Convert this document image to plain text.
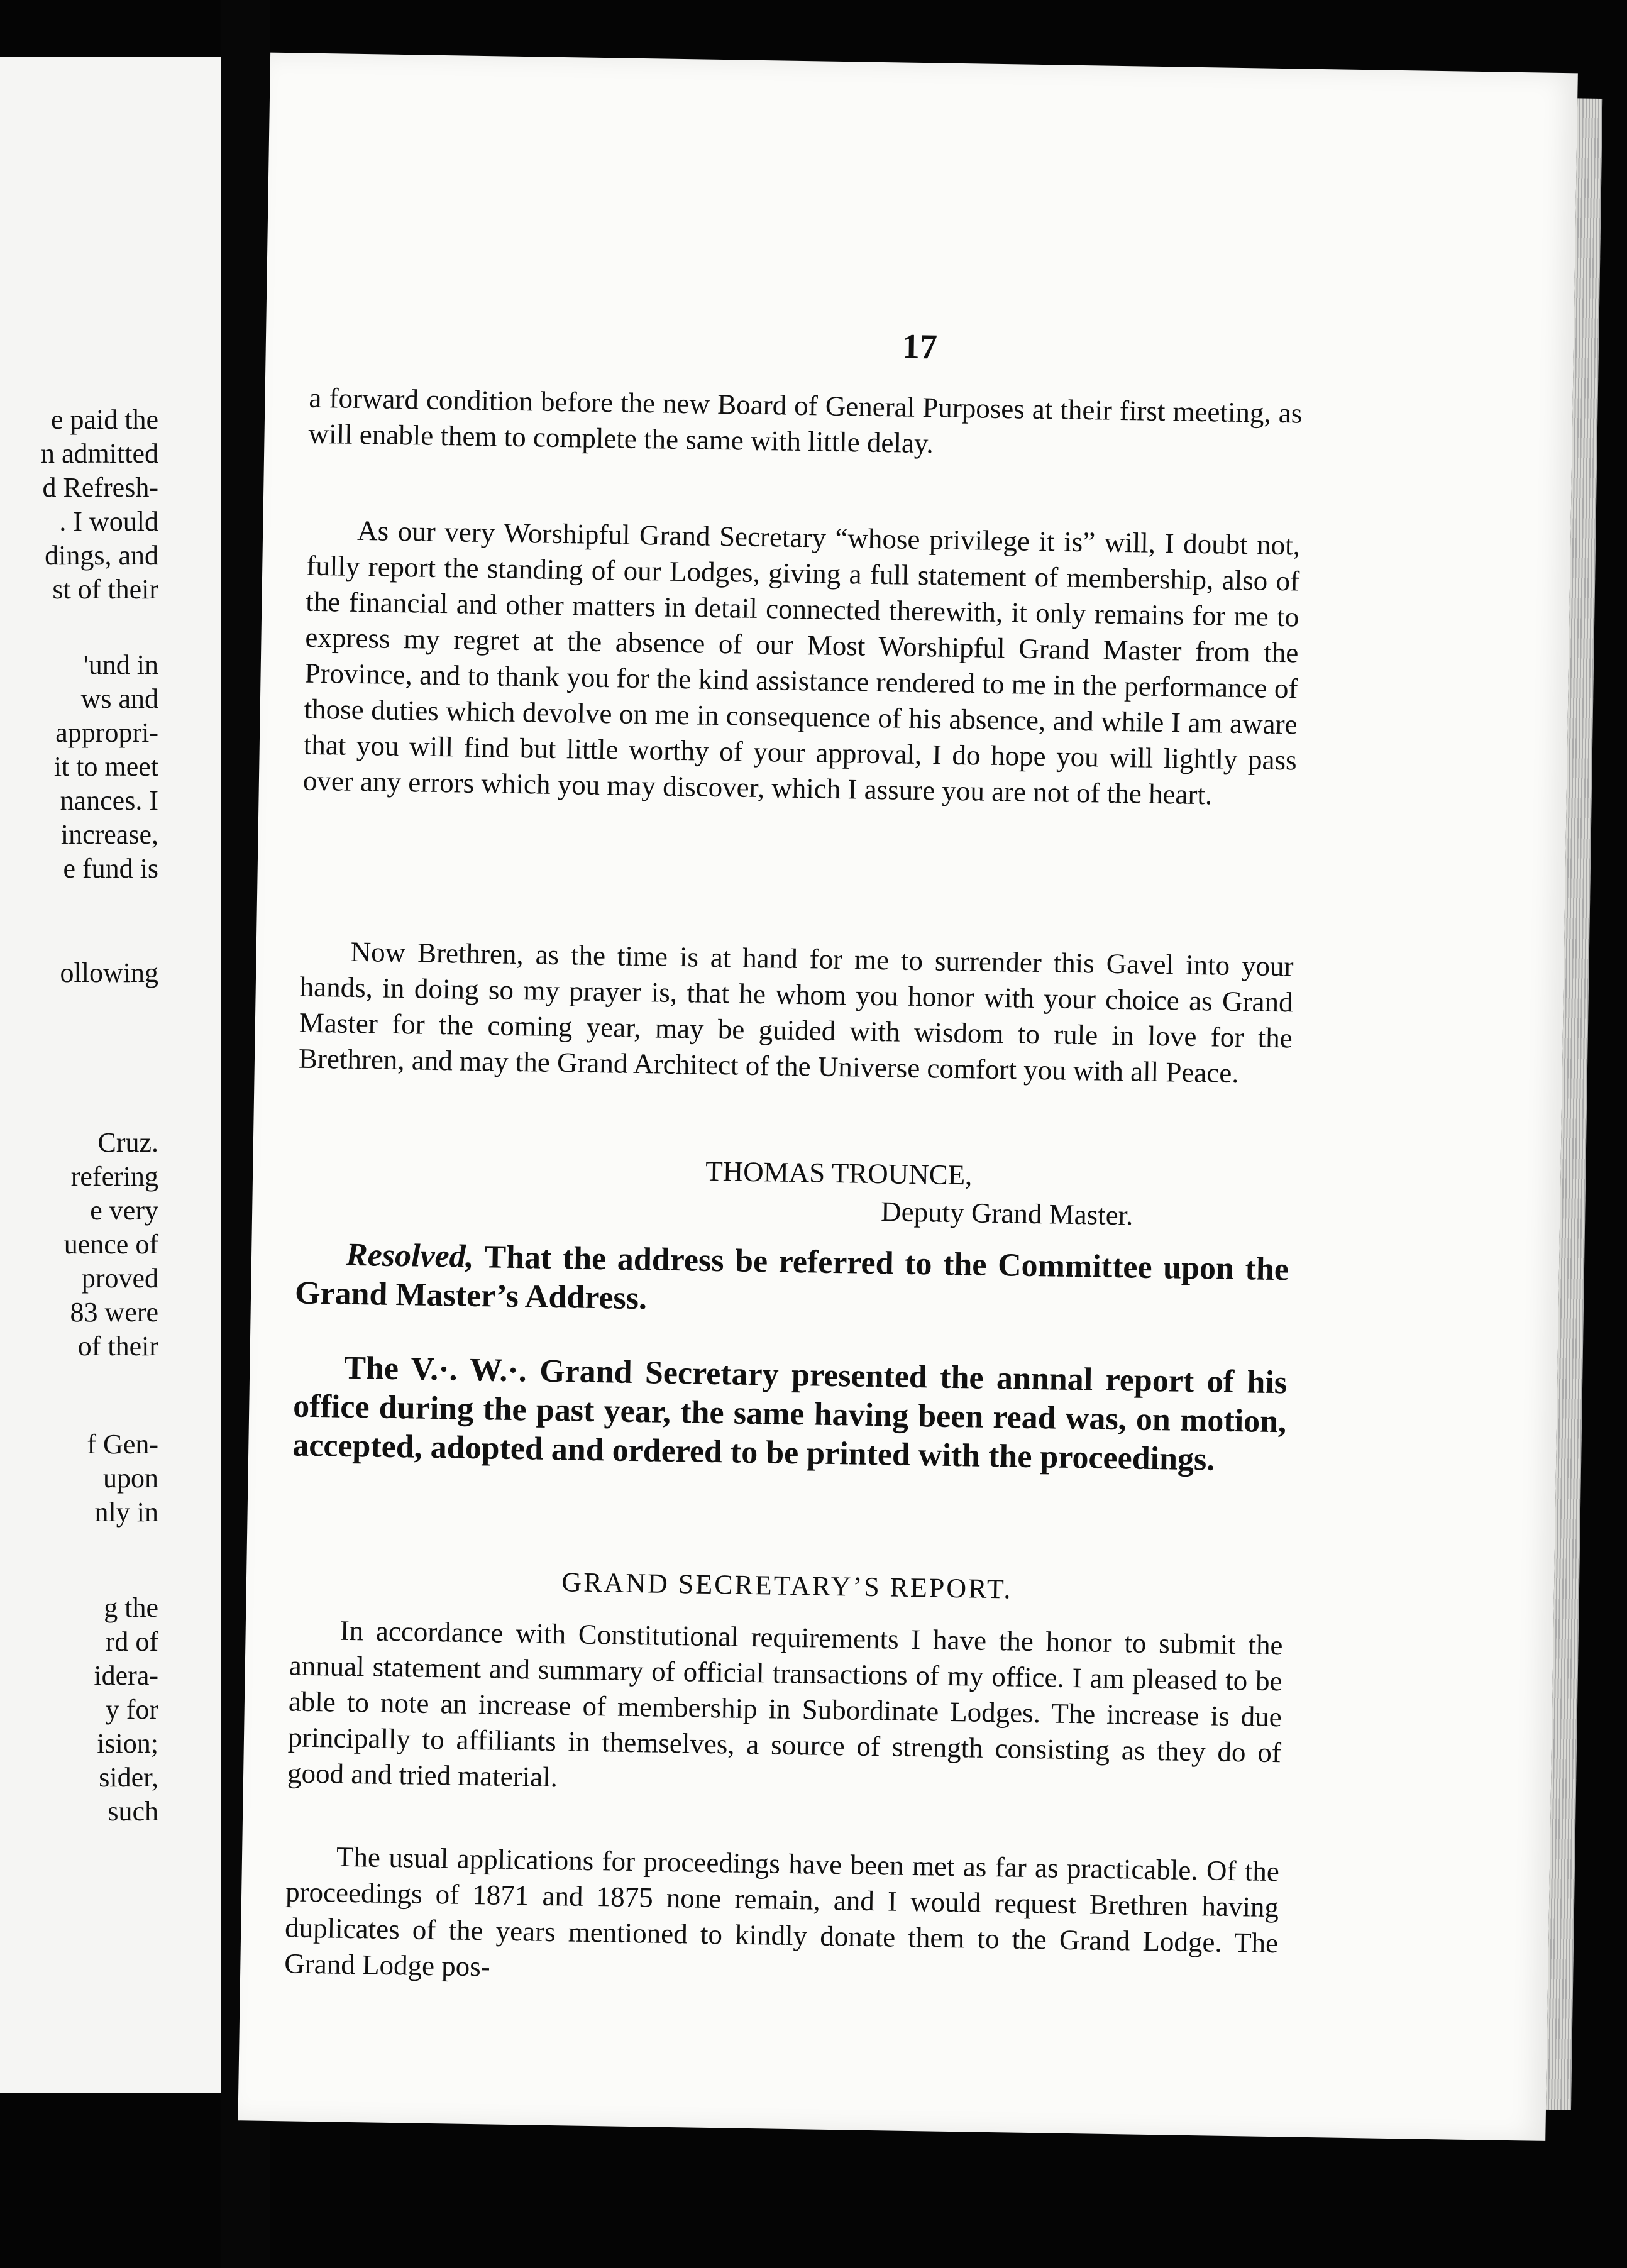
e paid the
n admitted
d Refresh-
. I would
dings, and
st of their
'und in
ws and
appropri-
it to meet
nances. I
increase,
e fund is
ollowing
Cruz.
refering
e very
uence of
proved
83 were
of their
f Gen-
upon
nly in
g the
rd of
idera-
y for
ision;
sider,
such
17
a forward condition before the new Board of General Purposes at their first meeting, as will enable them to complete the same with little delay.
As our very Worshipful Grand Secretary “whose privilege it is” will, I doubt not, fully report the standing of our Lodges, giving a full statement of membership, also of the financial and other matters in detail connected therewith, it only remains for me to express my regret at the absence of our Most Worshipful Grand Master from the Province, and to thank you for the kind assistance rendered to me in the performance of those duties which devolve on me in consequence of his absence, and while I am aware that you will find but little worthy of your approval, I do hope you will lightly pass over any errors which you may discover, which I assure you are not of the heart.
Now Brethren, as the time is at hand for me to surrender this Gavel into your hands, in doing so my prayer is, that he whom you honor with your choice as Grand Master for the coming year, may be guided with wisdom to rule in love for the Brethren, and may the Grand Architect of the Universe comfort you with all Peace.
THOMAS TROUNCE,
Deputy Grand Master.
Resolved, That the address be referred to the Committee upon the Grand Master’s Address.
The V.·. W.·. Grand Secretary presented the annnal report of his office during the past year, the same having been read was, on motion, accepted, adopted and ordered to be printed with the proceedings.
GRAND SECRETARY’S REPORT.
In accordance with Constitutional requirements I have the honor to submit the annual statement and summary of official transactions of my office. I am pleased to be able to note an increase of membership in Subordinate Lodges. The increase is due principally to affiliants in themselves, a source of strength consisting as they do of good and tried material.
The usual applications for proceedings have been met as far as practicable. Of the proceedings of 1871 and 1875 none remain, and I would request Brethren having duplicates of the years mentioned to kindly donate them to the Grand Lodge. The Grand Lodge pos-
